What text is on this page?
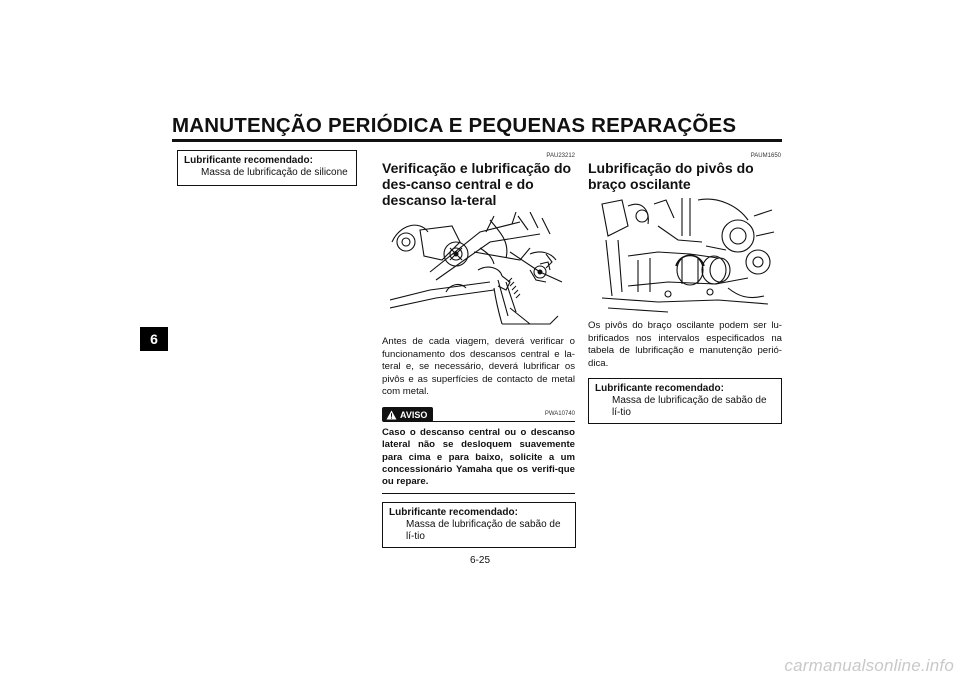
MANUTENÇÃO PERIÓDICA E PEQUENAS REPARAÇÕES
6
Lubrificante recomendado:
Massa de lubrificação de silicone
PAU23212
Verificação e lubrificação do des-canso central e do descanso la-teral

Antes de cada viagem, deverá verificar o funcionamento dos descansos central e la-teral e, se necessário, deverá lubrificar os pivôs e as superfícies de contacto de metal com metal.

AVISO	PWA10740

Caso o descanso central ou o descanso lateral não se desloquem suavemente para cima e para baixo, solicite a um concessionário Yamaha que os verifi-que ou repare.

Lubrificante recomendado:
Massa de lubrificação de sabão de lí-tio
PAUM1650
Lubrificação do pivôs do braço oscilante

Os pivôs do braço oscilante podem ser lu-brificados nos intervalos especificados na tabela de lubrificação e manutenção perió-dica.

Lubrificante recomendado:
Massa de lubrificação de sabão de lí-tio
6-25
carmanualsonline.info
